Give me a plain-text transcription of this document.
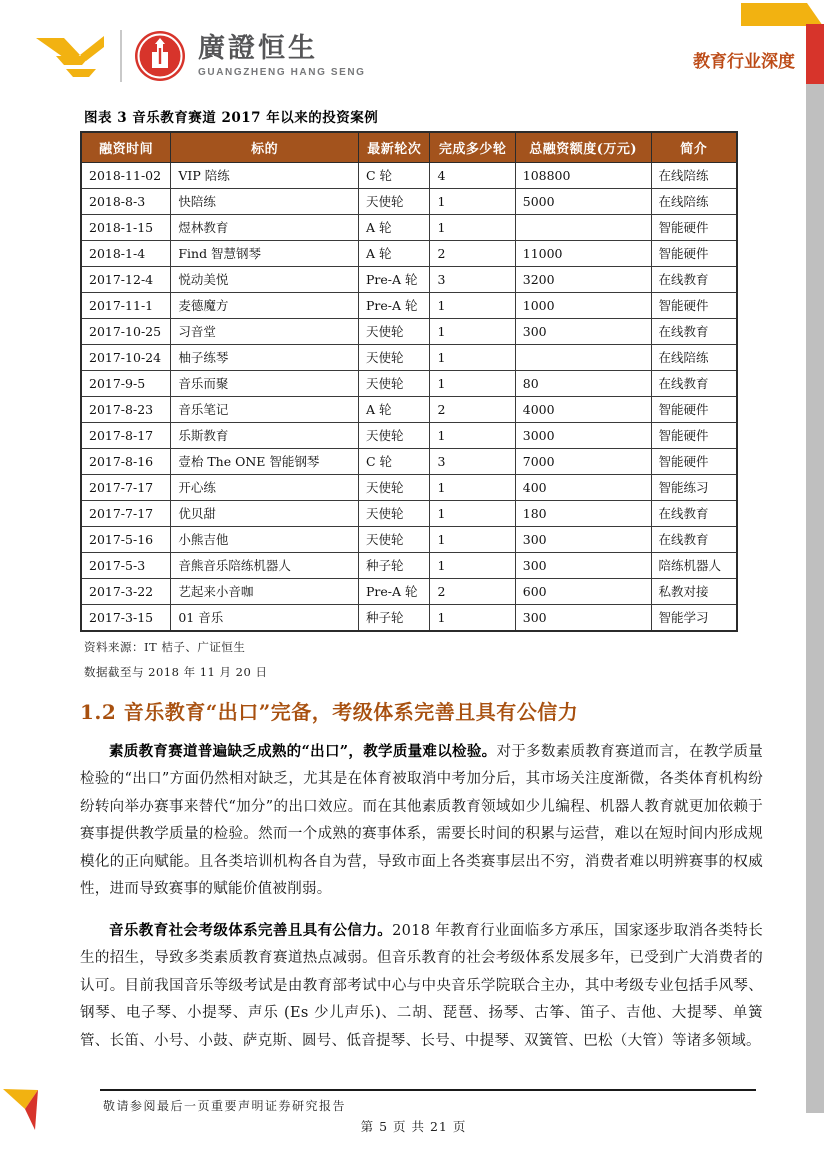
廣證恒生
GUANGZHENG HANG SENG
教育行业深度
图表 3 音乐教育赛道 2017 年以来的投资案例
融资时间	标的	最新轮次	完成多少轮	总融资额度(万元)	简介
2018-11-02	VIP 陪练	C 轮	4	108800	在线陪练
2018-8-3	快陪练	天使轮	1	5000	在线陪练
2018-1-15	煜林教育	A 轮	1		智能硬件
2018-1-4	Find 智慧钢琴	A 轮	2	11000	智能硬件
2017-12-4	悦动美悦	Pre-A 轮	3	3200	在线教育
2017-11-1	麦德魔方	Pre-A 轮	1	1000	智能硬件
2017-10-25	习音堂	天使轮	1	300	在线教育
2017-10-24	柚子练琴	天使轮	1		在线陪练
2017-9-5	音乐而聚	天使轮	1	80	在线教育
2017-8-23	音乐笔记	A 轮	2	4000	智能硬件
2017-8-17	乐斯教育	天使轮	1	3000	智能硬件
2017-8-16	壹枱 The ONE 智能钢琴	C 轮	3	7000	智能硬件
2017-7-17	开心练	天使轮	1	400	智能练习
2017-7-17	优贝甜	天使轮	1	180	在线教育
2017-5-16	小熊吉他	天使轮	1	300	在线教育
2017-5-3	音熊音乐陪练机器人	种子轮	1	300	陪练机器人
2017-3-22	艺起来小音咖	Pre-A 轮	2	600	私教对接
2017-3-15	01 音乐	种子轮	1	300	智能学习
资料来源：IT 桔子、广证恒生
数据截至与 2018 年 11 月 20 日
1.2 音乐教育“出口”完备，考级体系完善且具有公信力

素质教育赛道普遍缺乏成熟的“出口”，教学质量难以检验。对于多数素质教育赛道而言，在教学质量检验的“出口”方面仍然相对缺乏，尤其是在体育被取消中考加分后，其市场关注度渐微，各类体育机构纷纷转向举办赛事来替代“加分”的出口效应。而在其他素质教育领域如少儿编程、机器人教育就更加依赖于赛事提供教学质量的检验。然而一个成熟的赛事体系，需要长时间的积累与运营，难以在短时间内形成规模化的正向赋能。且各类培训机构各自为营，导致市面上各类赛事层出不穷，消费者难以明辨赛事的权威性，进而导致赛事的赋能价值被削弱。

音乐教育社会考级体系完善且具有公信力。2018 年教育行业面临多方承压，国家逐步取消各类特长生的招生，导致多类素质教育赛道热点减弱。但音乐教育的社会考级体系发展多年，已受到广大消费者的认可。目前我国音乐等级考试是由教育部考试中心与中央音乐学院联合主办，其中考级专业包括手风琴、钢琴、电子琴、小提琴、声乐 (Es 少儿声乐)、二胡、琵琶、扬琴、古筝、笛子、吉他、大提琴、单簧管、长笛、小号、小鼓、萨克斯、圆号、低音提琴、长号、中提琴、双簧管、巴松（大管）等诸多领域。

敬请参阅最后一页重要声明证券研究报告
第 5 页 共 21 页
